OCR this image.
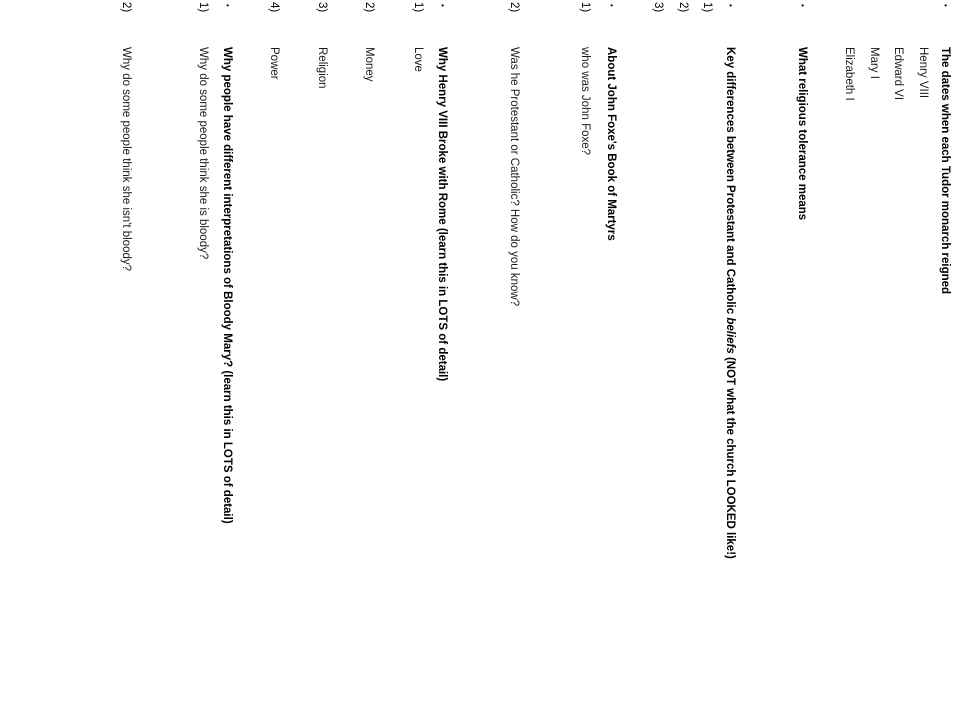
•
The dates when each Tudor monarch reigned
Henry VIII
Edward VI
Mary I
Elizabeth I
•
What religious tolerance means
•
Key differences between Protestant and Catholic beliefs (NOT what the church LOOKED like!)
1)
2)
3)
•
About John Foxe's Book of Martyrs
1)
who was John Foxe?
2)
Was he Protestant or Catholic? How do you know?
•
Why Henry VIII Broke with Rome (learn this in LOTS of detail)
1)
Love
2)
Money
3)
Religion
4)
Power
•
Why people have different interpretations of Bloody Mary? (learn this in LOTS of detail)
1)
Why do some people think she is bloody?
2)
Why do some people think she isn't bloody?
